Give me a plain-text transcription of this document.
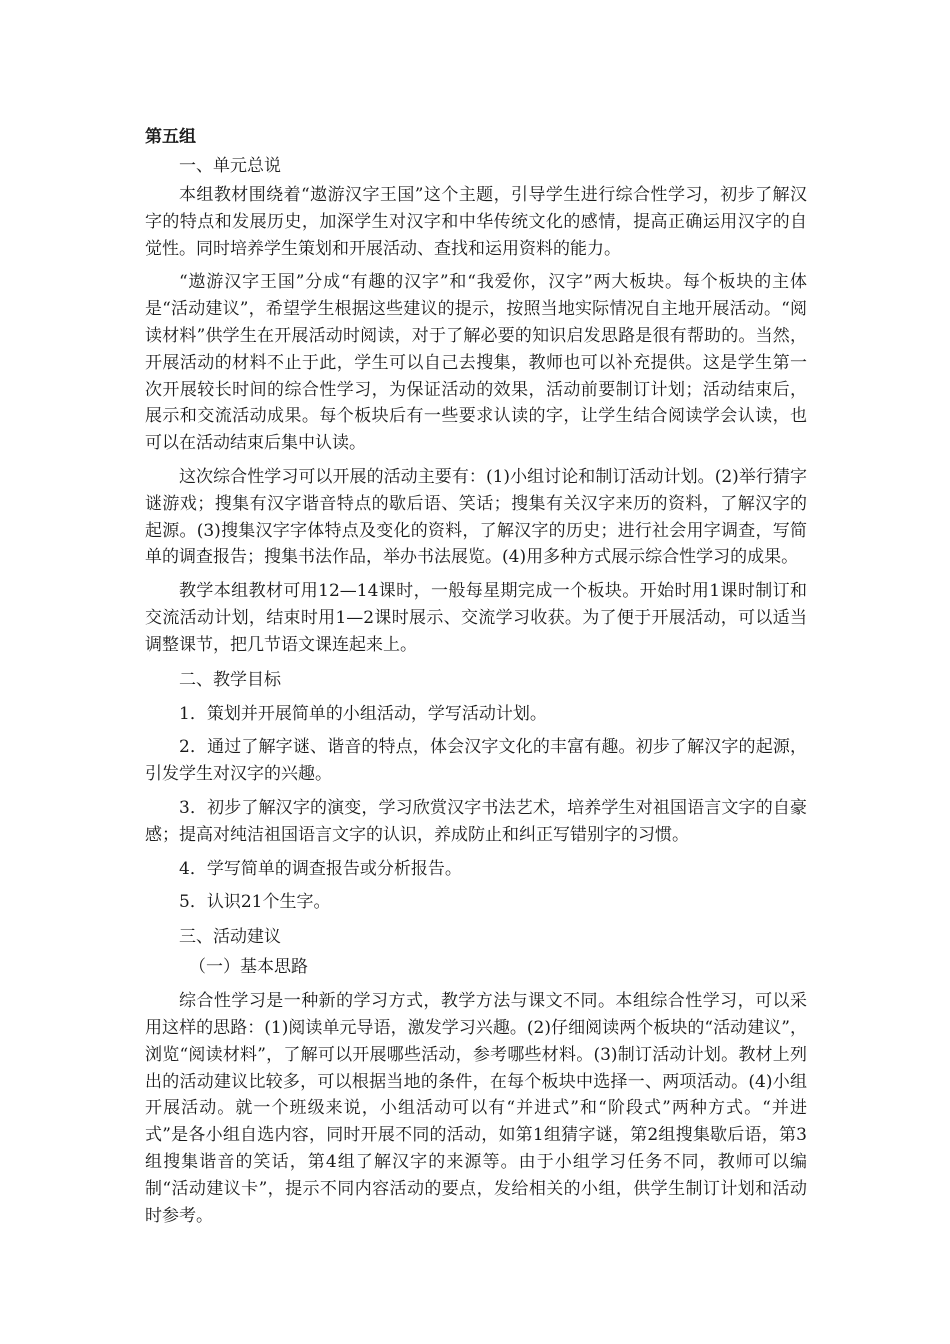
第五组

一、单元总说

本组教材围绕着“遨游汉字王国”这个主题，引导学生进行综合性学习，初步了解汉字的特点和发展历史，加深学生对汉字和中华传统文化的感情，提高正确运用汉字的自觉性。同时培养学生策划和开展活动、查找和运用资料的能力。

“遨游汉字王国”分成“有趣的汉字”和“我爱你，汉字”两大板块。每个板块的主体是“活动建议”，希望学生根据这些建议的提示，按照当地实际情况自主地开展活动。“阅读材料”供学生在开展活动时阅读，对于了解必要的知识启发思路是很有帮助的。当然，开展活动的材料不止于此，学生可以自己去搜集，教师也可以补充提供。这是学生第一次开展较长时间的综合性学习，为保证活动的效果，活动前要制订计划；活动结束后，展示和交流活动成果。每个板块后有一些要求认读的字，让学生结合阅读学会认读，也可以在活动结束后集中认读。

这次综合性学习可以开展的活动主要有：(1)小组讨论和制订活动计划。(2)举行猜字谜游戏；搜集有汉字谐音特点的歇后语、笑话；搜集有关汉字来历的资料，了解汉字的起源。(3)搜集汉字字体特点及变化的资料，了解汉字的历史；进行社会用字调查，写简单的调查报告；搜集书法作品，举办书法展览。(4)用多种方式展示综合性学习的成果。

教学本组教材可用12—14课时，一般每星期完成一个板块。开始时用1课时制订和交流活动计划，结束时用1—2课时展示、交流学习收获。为了便于开展活动，可以适当调整课节，把几节语文课连起来上。

二、教学目标

1．策划并开展简单的小组活动，学写活动计划。

2．通过了解字谜、谐音的特点，体会汉字文化的丰富有趣。初步了解汉字的起源，引发学生对汉字的兴趣。

3．初步了解汉字的演变，学习欣赏汉字书法艺术，培养学生对祖国语言文字的自豪感；提高对纯洁祖国语言文字的认识，养成防止和纠正写错别字的习惯。

4．学写简单的调查报告或分析报告。

5．认识21个生字。

三、活动建议

（一）基本思路

综合性学习是一种新的学习方式，教学方法与课文不同。本组综合性学习，可以采用这样的思路：(1)阅读单元导语，激发学习兴趣。(2)仔细阅读两个板块的“活动建议”，浏览“阅读材料”，了解可以开展哪些活动，参考哪些材料。(3)制订活动计划。教材上列出的活动建议比较多，可以根据当地的条件，在每个板块中选择一、两项活动。(4)小组开展活动。就一个班级来说，小组活动可以有“并进式”和“阶段式”两种方式。“并进式”是各小组自选内容，同时开展不同的活动，如第1组猜字谜，第2组搜集歇后语，第3 组搜集谐音的笑话，第4组了解汉字的来源等。由于小组学习任务不同，教师可以编制“活动建议卡”，提示不同内容活动的要点，发给相关的小组，供学生制订计划和活动时参考。
